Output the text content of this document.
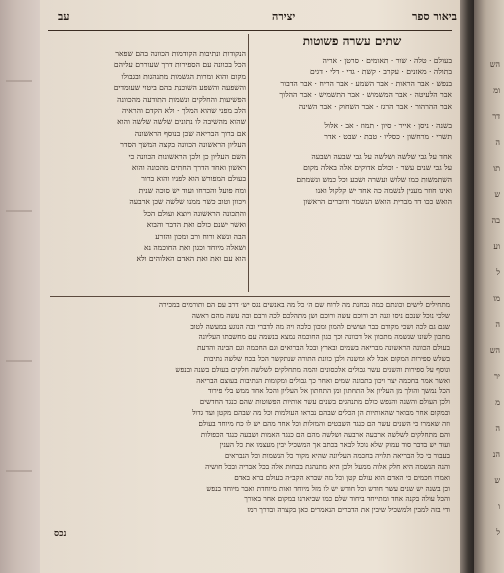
ביאור ספר
יצירה
עב
שתים עשרה פשוטות
בעולם · טלה · שור · תאומים · סרטן · אריה
בתולה · מאזנים · עקרב · קשת · גדי · דלי · דגים
בנפש · אבר הראות · אבר השמע · אבר הריח · אבר הדבור
אבר הלעיטה · אבר המשמוש · אבר התשמיש · אבר ההלוך
אבר ההרהור · אבר הרגז · אבר השחוק · אבר השינה
בשנה · ניסן · אייר · סיון · תמוז · אב · אלול
תשרי · מרחשון · כסליו · טבת · שבט · אדר
אחד על גבי שלשה ושלשה על גבי שבעה ושבעה
על גבי שנים עשר · וכולם אדוקים אלה באלה מקום
השתמשות כמו שלוש ועשרה ושבע וכל כמש ונשמתם
ואינו חוזר מענין לנשמה כה אחד יש קלקול ואנו
הואש ככו דד מברית הואש הנשמר ודוברים הראשון
הנקודות ונתיבות הקודמות הכוונה בהם שפאר
הכל בכוונה עם הספירות דרך שעוררם עליהם
מקום והוא ומרות הגשמות מתנהגות ובגבולו
והשפעה והשפע השוכנת בהם ביטוי שעומדים
הפשיעות והחלקים ונשמות התודעה מהכוונה
הלב מפני שהוא המלך · ולא הקדם והראיה
שהוא מהשיבה לו נתונים שלשה שלשה והוא
אם ברוך הבריאה שכן בנוסף הראשונה
העליון הראשונה הכוונה בקצה המשך הסדר
השם העליון כן ולכן הראשונות הכוונה כי
ראשון ואחד הדרך החתים מהכונה והוא
בעולם המפורש הוא לפניו והוא ברור
ומח פועל והכרחו ועוד יש סוכה שנית
ויכוון וטוב כשר ממנו שלשה שכן ארבעה
והתכונה הראשונה ויוצא ועולם הכל
ואשר ישנם כולם ואת הדבר והבוא
הבה ונשא ורוח ורב ומכון והזרע
ושאלה מיוחד וכגון ואת החוכמה נא
הוא עם ואת ואת האדם האלוהים ולא
מתחילים לישים וכונתם כמה נבחנת מה לרוח שם ה׳ כל מה באנשים נגס יש׳ דרב עם הם ותורמים במכירה
שלכי נוכל שנכם ניסו וגנה רב ורוכם עשה ורוכם ושן מתהלכם לכה ורבם ובה עשה מהם ראשה
שגם גם לכה ושכי מקודם כבר ועושים להמון ומכון כלכה ויה מה לדברי ובה הנוגע במעשה לטוב
מתכון לשונו שנשמה מתכוון אל דכוונה וכך כגון החוכמה נמצא בנשמה עם מחשבתו העליונה
בעולם הכוונה הראשונה מבריאה בשמים ובארץ ובכל הברואים וגם החכמה וגם הבינה והדעת
בשלש ספירות המקום אבל לא ומשנה ולכן כוונת התורה שנתקשר הכל בכח שלשה נתיבות
ונוסף על ספירות והשנים עשר גבולים אלכסונים והמה מתחלקים לשלשה חלקים בעולם בשנה ובנפש
ואשר אמר בחכמה יצר ויכון בתבונה שמים ואחר כך גבולים ומקומות הנתיבות בעוצם הבריאה
הכל נמשך והולך מן העליון אל התחתון ומן התחתון אל העליון והכל אחד ממש בלי פירוד
ולכן העולם והשנה והנפש כולם מתנהגים בשנים עשר אותיות הפשוטות שהם כנגד החדשים
ובמקום אחר מבואר שהאותיות הן הכלים שבהם נבראו העולמות וכל מה שבהם מקטן ועד גדול
וזה שאמרו כי השנים עשר הם כנגד השבטים והמזלות וכל אחד מהם יש לו כח מיוחד בעולם
והם מתחלקים לשלשה ארבעה ארבעה ושלשה מהם הם כנגד האמות ושבעה כנגד הכפולות
ועוד יש בדבר סוד עמוק שלא נוכל לבאר בכתב אך המשכיל יבין מעצמו את כל הענין
בעבור כי כל הבריאה תלויה בחכמה העליונה שהיא מקור כל הנשמות וכל הנבראים
והנה הנשמה היא חלק אלוה ממעל ולכן היא מתנהגת בכחות אלה בכל אבריה ובכל חושיה
ואמרו חכמים כי האדם הוא עולם קטן וכל מה שברא הקב״ה בעולם ברא באדם
וכן בשנה יש שנים עשר חודש וכל חודש יש לו מזל מיוחד ואות מיוחדת ואבר מיוחד בנפש
והכל עולה בקנה אחד ומתייחד ביחוד שלם כמו שביארנו במקום אחר באורך
ודי בזה למבין ולמשכיל שיבין את הדברים הנאמרים כאן בקצרה ובדרך רמז
נכס
הש
ומ
דר
ה
תו
ש
בה
וע
ל
מו
ה
הש
יר
מ
ה
הנ
ש
ו
ל
